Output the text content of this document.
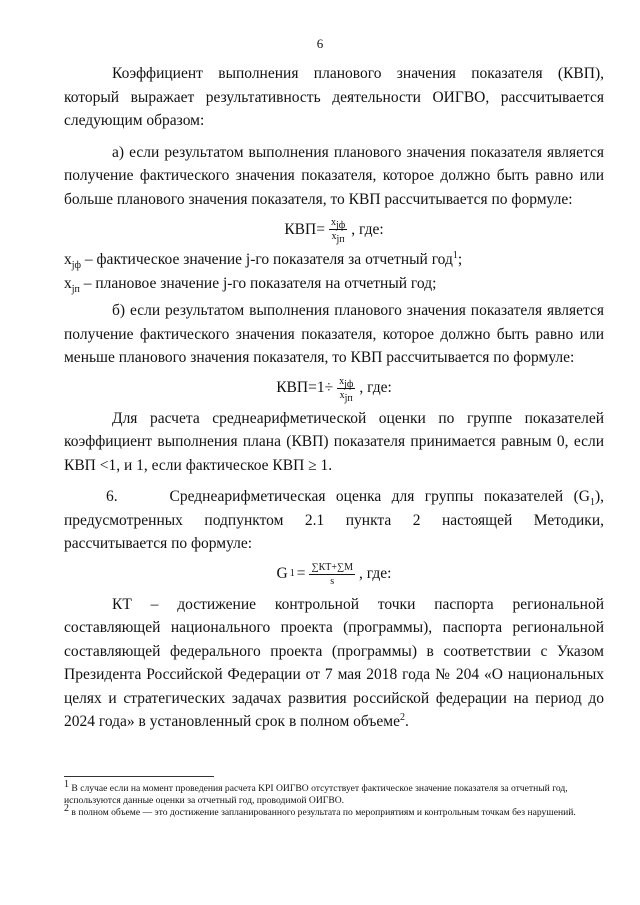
6

Коэффициент выполнения планового значения показателя (КВП), который выражает результативность деятельности ОИГВО, рассчитывается следующим образом:

а) если результатом выполнения планового значения показателя является получение фактического значения показателя, которое должно быть равно или больше планового значения показателя, то КВП рассчитывается по формуле:

$КВП= \frac{x_{jф}}{x_{jп}}$ , где:
$x_{jф}$ – фактическое значение j-го показателя за отчетный год$^1$;
$x_{jп}$ – плановое значение j-го показателя на отчетный год;

б) если результатом выполнения планового значения показателя является получение фактического значения показателя, которое должно быть равно или меньше планового значения показателя, то КВП рассчитывается по формуле:

$КВП=1\div \frac{x_{jф}}{x_{jп}}$ , где:

Для расчета среднеарифметической оценки по группе показателей коэффициент выполнения плана (КВП) показателя принимается равным 0, если КВП <1, и 1, если фактическое КВП ≥ 1.

6.	Среднеарифметическая оценка для группы показателей $(G_1)$, предусмотренных подпунктом 2.1 пункта 2 настоящей Методики, рассчитывается по формуле:

G $1 = \frac{\sum КТ+\sum М}{s}$ , где:

КТ – достижение контрольной точки паспорта региональной составляющей национального проекта (программы), паспорта региональной составляющей федерального проекта (программы) в соответствии с Указом Президента Российской Федерации от 7 мая 2018 года № 204 «О национальных целях и стратегических задачах развития российской федерации на период до 2024 года» в установленный срок в полном объеме$^2$.

$^1$ В случае если на момент проведения расчета KPI ОИГВО отсутствует фактическое значение показателя за отчетный год, используются данные оценки за отчетный год, проводимой ОИГВО.

$^2$ в полном объеме — это достижение запланированного результата по мероприятиям и контрольным точкам без нарушений.
